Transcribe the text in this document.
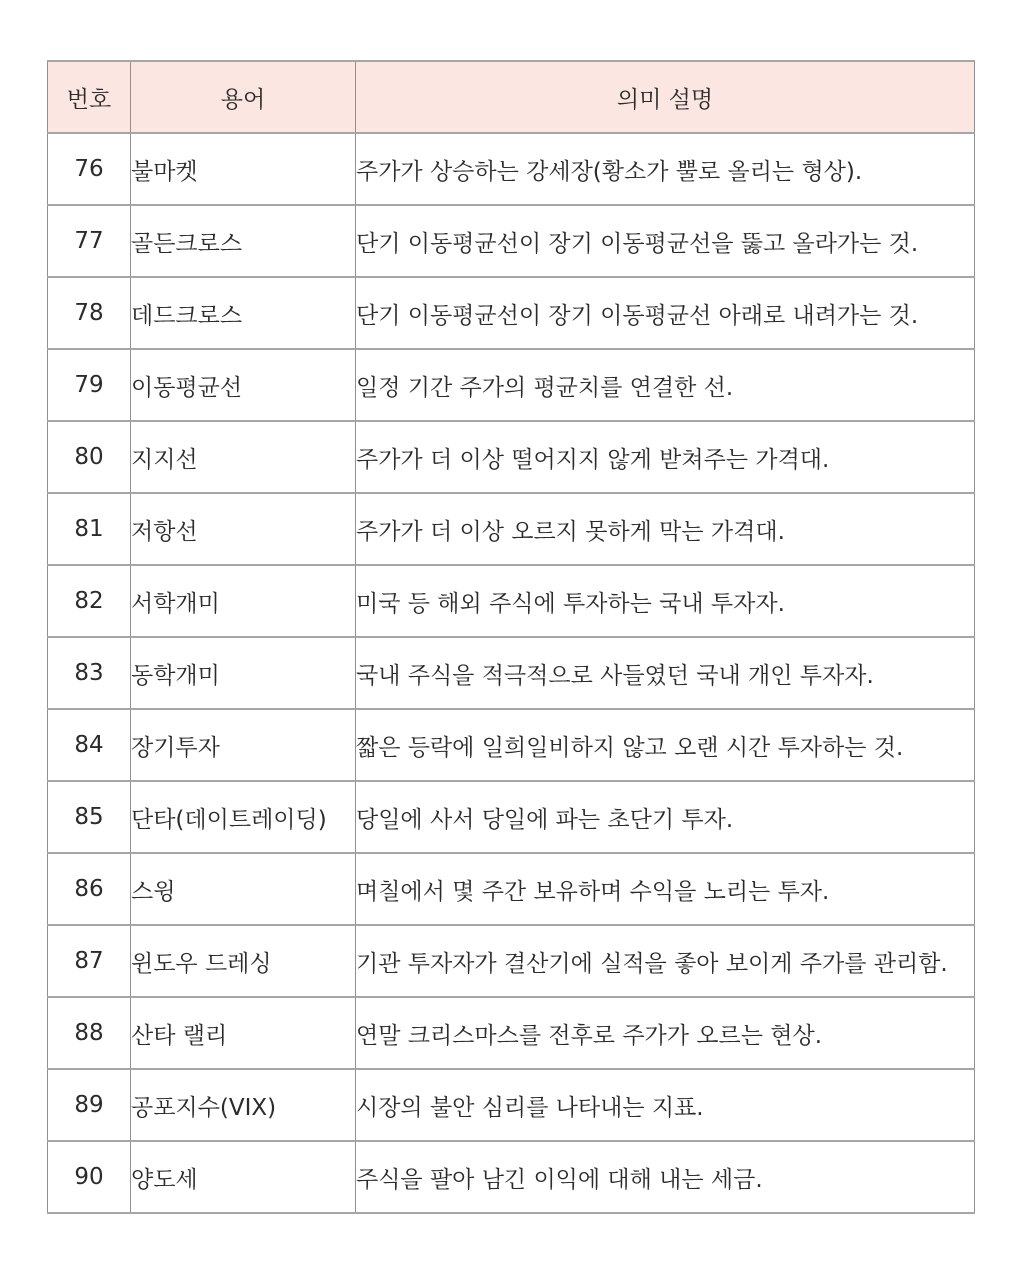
번호	용어	의미 설명
76	불마켓	주가가 상승하는 강세장(황소가 뿔로 올리는 형상).
77	골든크로스	단기 이동평균선이 장기 이동평균선을 뚫고 올라가는 것.
78	데드크로스	단기 이동평균선이 장기 이동평균선 아래로 내려가는 것.
79	이동평균선	일정 기간 주가의 평균치를 연결한 선.
80	지지선	주가가 더 이상 떨어지지 않게 받쳐주는 가격대.
81	저항선	주가가 더 이상 오르지 못하게 막는 가격대.
82	서학개미	미국 등 해외 주식에 투자하는 국내 투자자.
83	동학개미	국내 주식을 적극적으로 사들였던 국내 개인 투자자.
84	장기투자	짧은 등락에 일희일비하지 않고 오랜 시간 투자하는 것.
85	단타(데이트레이딩)	당일에 사서 당일에 파는 초단기 투자.
86	스윙	며칠에서 몇 주간 보유하며 수익을 노리는 투자.
87	윈도우 드레싱	기관 투자자가 결산기에 실적을 좋아 보이게 주가를 관리함.
88	산타 랠리	연말 크리스마스를 전후로 주가가 오르는 현상.
89	공포지수(VIX)	시장의 불안 심리를 나타내는 지표.
90	양도세	주식을 팔아 남긴 이익에 대해 내는 세금.
